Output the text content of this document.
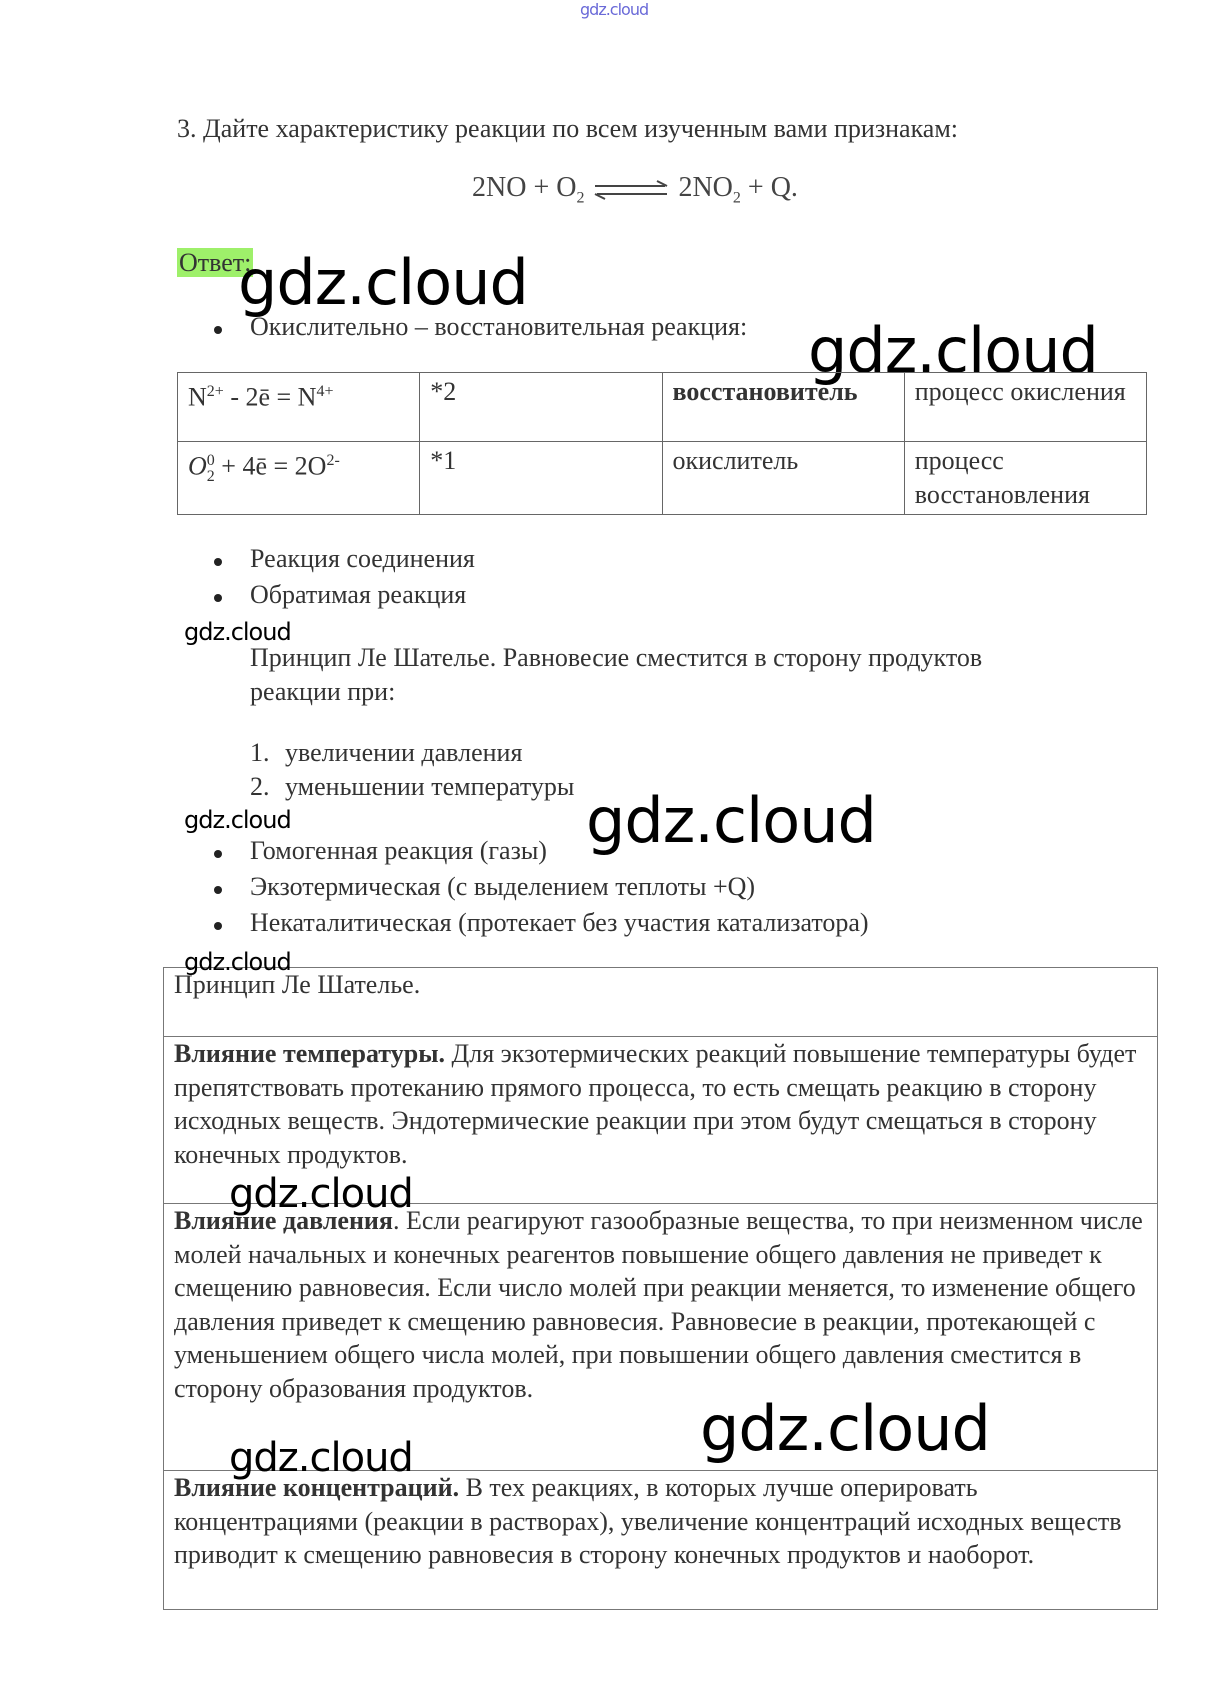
gdz.cloud
3. Дайте характеристику реакции по всем изученным вами признакам:
$2NO + O_2$ ⇌ $2NO_2 + Q$.
Ответ:
gdz.cloud
Окислительно – восстановительная реакция: gdz.cloud
$N^{2+}$ - 2ē = $N^{4+}$	*2	восстановитель	процесс окисления
$O^0_2$ + 4ē = $2O^{2-}$	*1	окислитель	процесс восстановления
Реакция соединения
Обратимая реакция
gdz.cloud
Принцип Ле Шателье. Равновесие сместится в сторону продуктов
реакции при:
1. увеличении давления
2. уменьшении температуры
gdz.cloud	gdz.cloud
Гомогенная реакция (газы)
Экзотермическая (с выделением теплоты +Q)
Некаталитическая (протекает без участия катализатора)
Принцип Ле Шателье.
Влияние температуры. Для экзотермических реакций повышение температуры будет препятствовать протеканию прямого процесса, то есть смещать реакцию в сторону исходных веществ. Эндотермические реакции при этом будут смещаться в сторону конечных продуктов.
Влияние давления. Если реагируют газообразные вещества, то при неизменном числе молей начальных и конечных реагентов повышение общего давления не приведет к смещению равновесия. Если число молей при реакции меняется, то изменение общего давления приведет к смещению равновесия. Равновесие в реакции, протекающей с уменьшением общего числа молей, при повышении общего давления сместится в сторону образования продуктов.
Влияние концентраций. В тех реакциях, в которых лучше оперировать концентрациями (реакции в растворах), увеличение концентраций исходных веществ приводит к смещению равновесия в сторону конечных продуктов и наоборот.
gdz.cloud
gdz.cloud
gdz.cloud
gdz.cloud
